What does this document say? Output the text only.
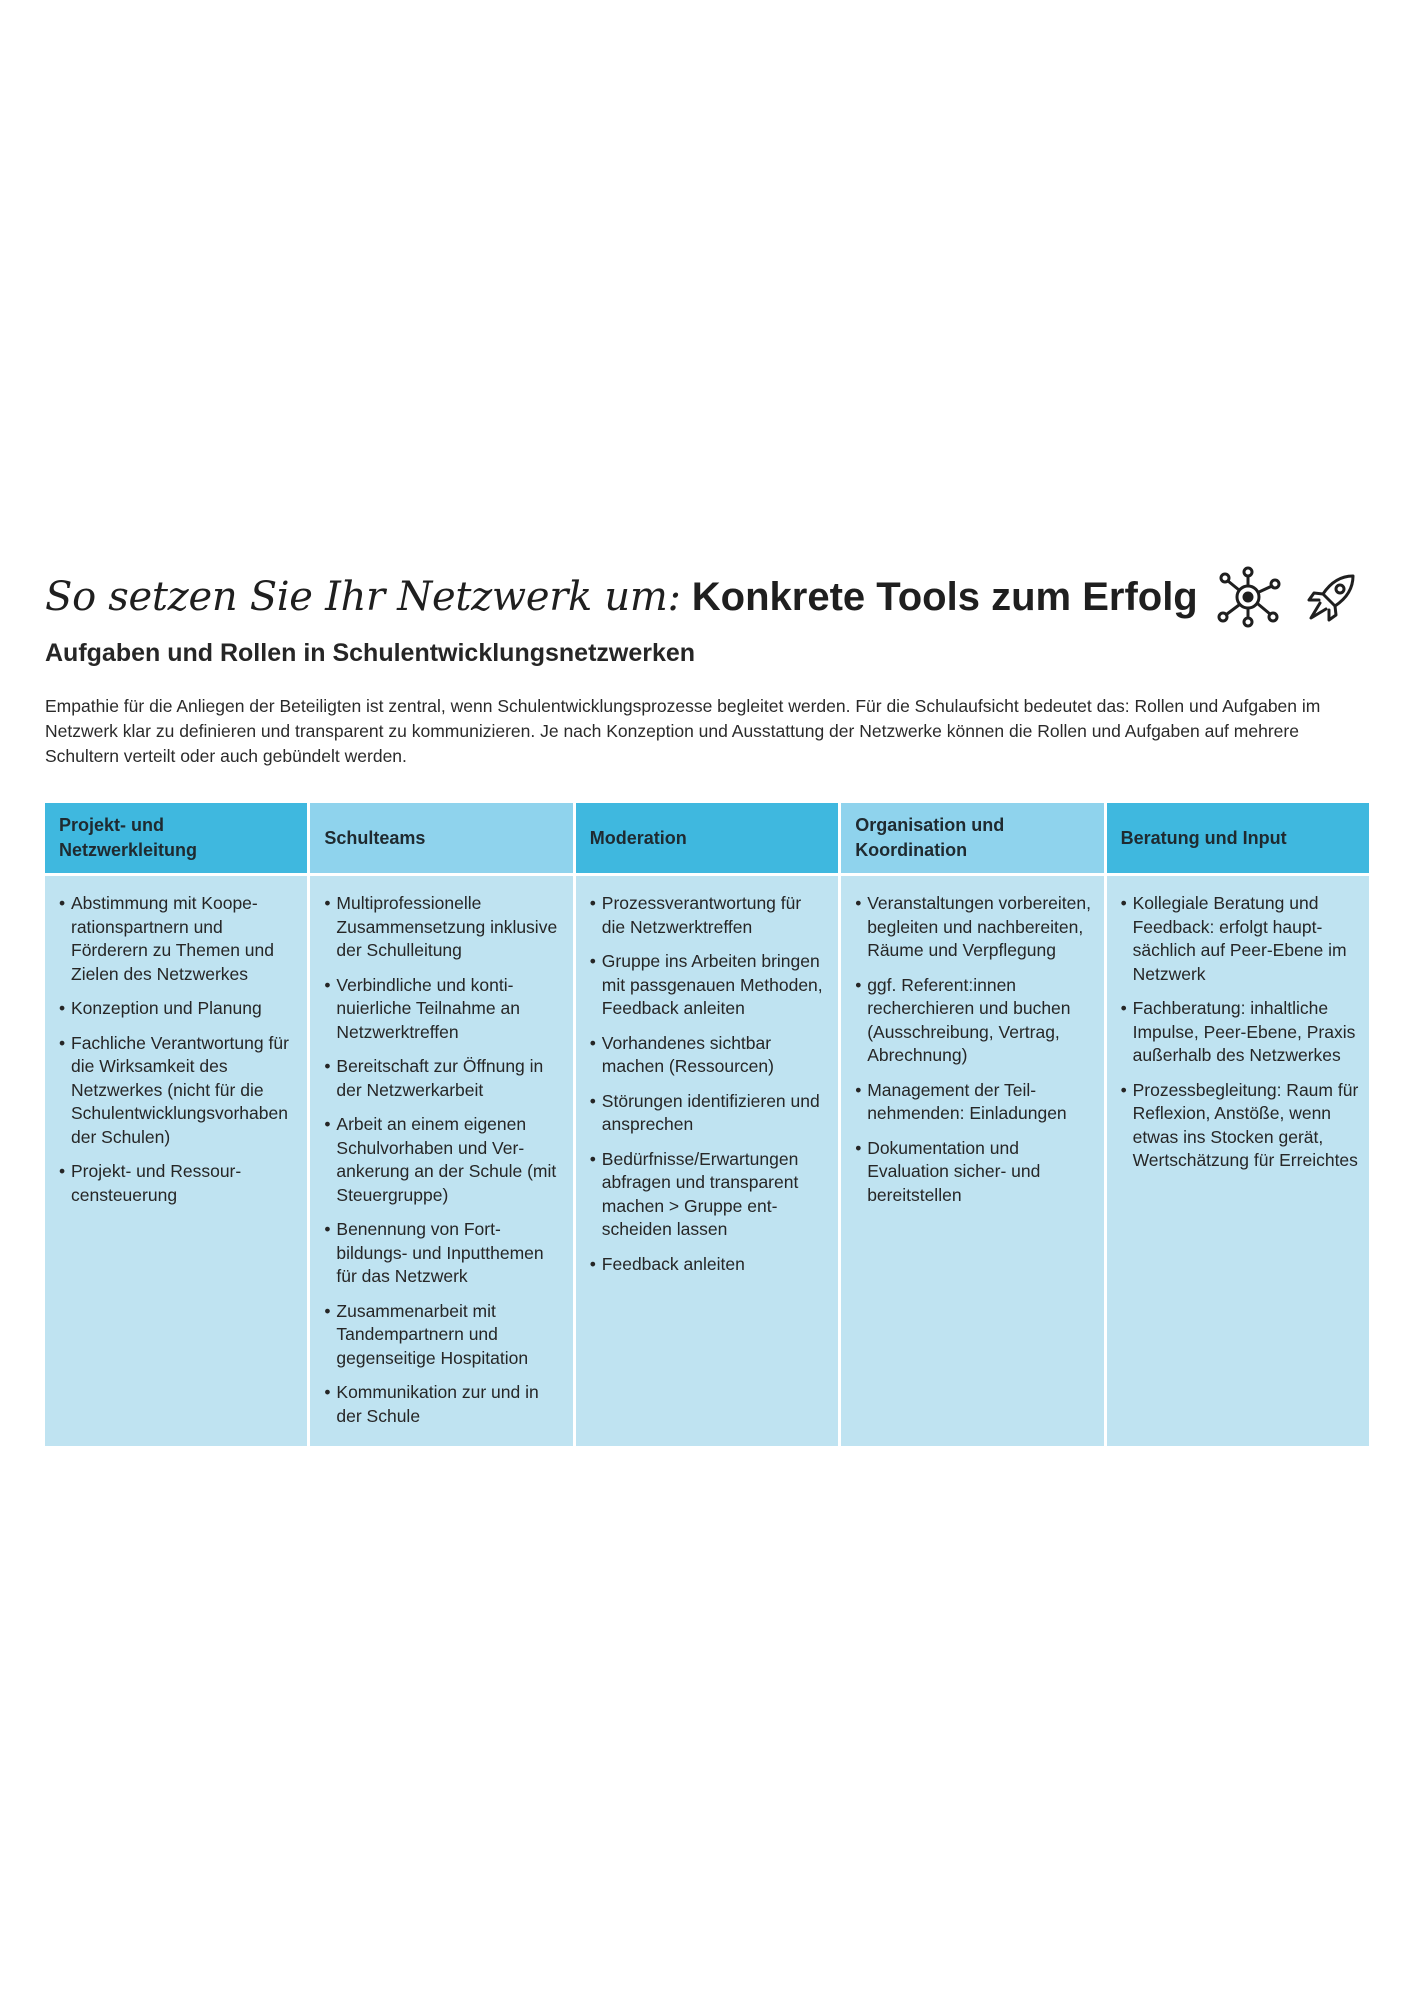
So setzen Sie Ihr Netzwerk um: Konkrete Tools zum Erfolg
Aufgaben und Rollen in Schulentwicklungsnetzwerken

Empathie für die Anliegen der Beteiligten ist zentral, wenn Schulentwicklungsprozesse begleitet werden. Für die Schulaufsicht bedeutet das: Rollen und Aufgaben im Netzwerk klar zu definieren und transparent zu kommunizieren. Je nach Konzeption und Ausstattung der Netzwerke können die Rollen und Aufgaben auf mehrere Schultern verteilt oder auch gebündelt werden.

Projekt- und Netzwerkleitung
Schulteams	Moderation
Organisation und Koordination
Beratung und Input
• Abstimmung mit Kooperationspartnern und Förderern zu Themen und Zielen des Netzwerkes
• Konzeption und Planung
• Fachliche Verantwortung für die Wirksamkeit des Netzwerkes (nicht für die Schulentwicklungsvorhaben der Schulen)
• Projekt- und Ressourcensteuerung
• Multiprofessionelle Zusammensetzung inklusive der Schulleitung
• Verbindliche und kontinuierliche Teilnahme an Netzwerktreffen
• Bereitschaft zur Öffnung in der Netzwerkarbeit
• Arbeit an einem eigenen Schulvorhaben und Verankerung an der Schule (mit Steuergruppe)
• Benennung von Fortbildungs- und Inputthemen für das Netzwerk
• Zusammenarbeit mit Tandempartnern und gegenseitige Hospitation
• Kommunikation zur und in der Schule
• Prozessverantwortung für die Netzwerktreffen
• Gruppe ins Arbeiten bringen mit passgenauen Methoden, Feedback anleiten
• Vorhandenes sichtbar machen (Ressourcen)
• Störungen identifizieren und ansprechen
• Bedürfnisse/Erwartungen abfragen und transparent machen > Gruppe entscheiden lassen
• Feedback anleiten
• Veranstaltungen vorbereiten, begleiten und nachbereiten, Räume und Verpflegung
• ggf. Referent:innen recherchieren und buchen (Ausschreibung, Vertrag, Abrechnung)
• Management der Teilnehmenden: Einladungen
• Dokumentation und Evaluation sicher- und bereitstellen
• Kollegiale Beratung und Feedback: erfolgt hauptsächlich auf Peer-Ebene im Netzwerk
• Fachberatung: inhaltliche Impulse, Peer-Ebene, Praxis außerhalb des Netzwerkes
• Prozessbegleitung: Raum für Reflexion, Anstöße, wenn etwas ins Stocken gerät, Wertschätzung für Erreichtes
